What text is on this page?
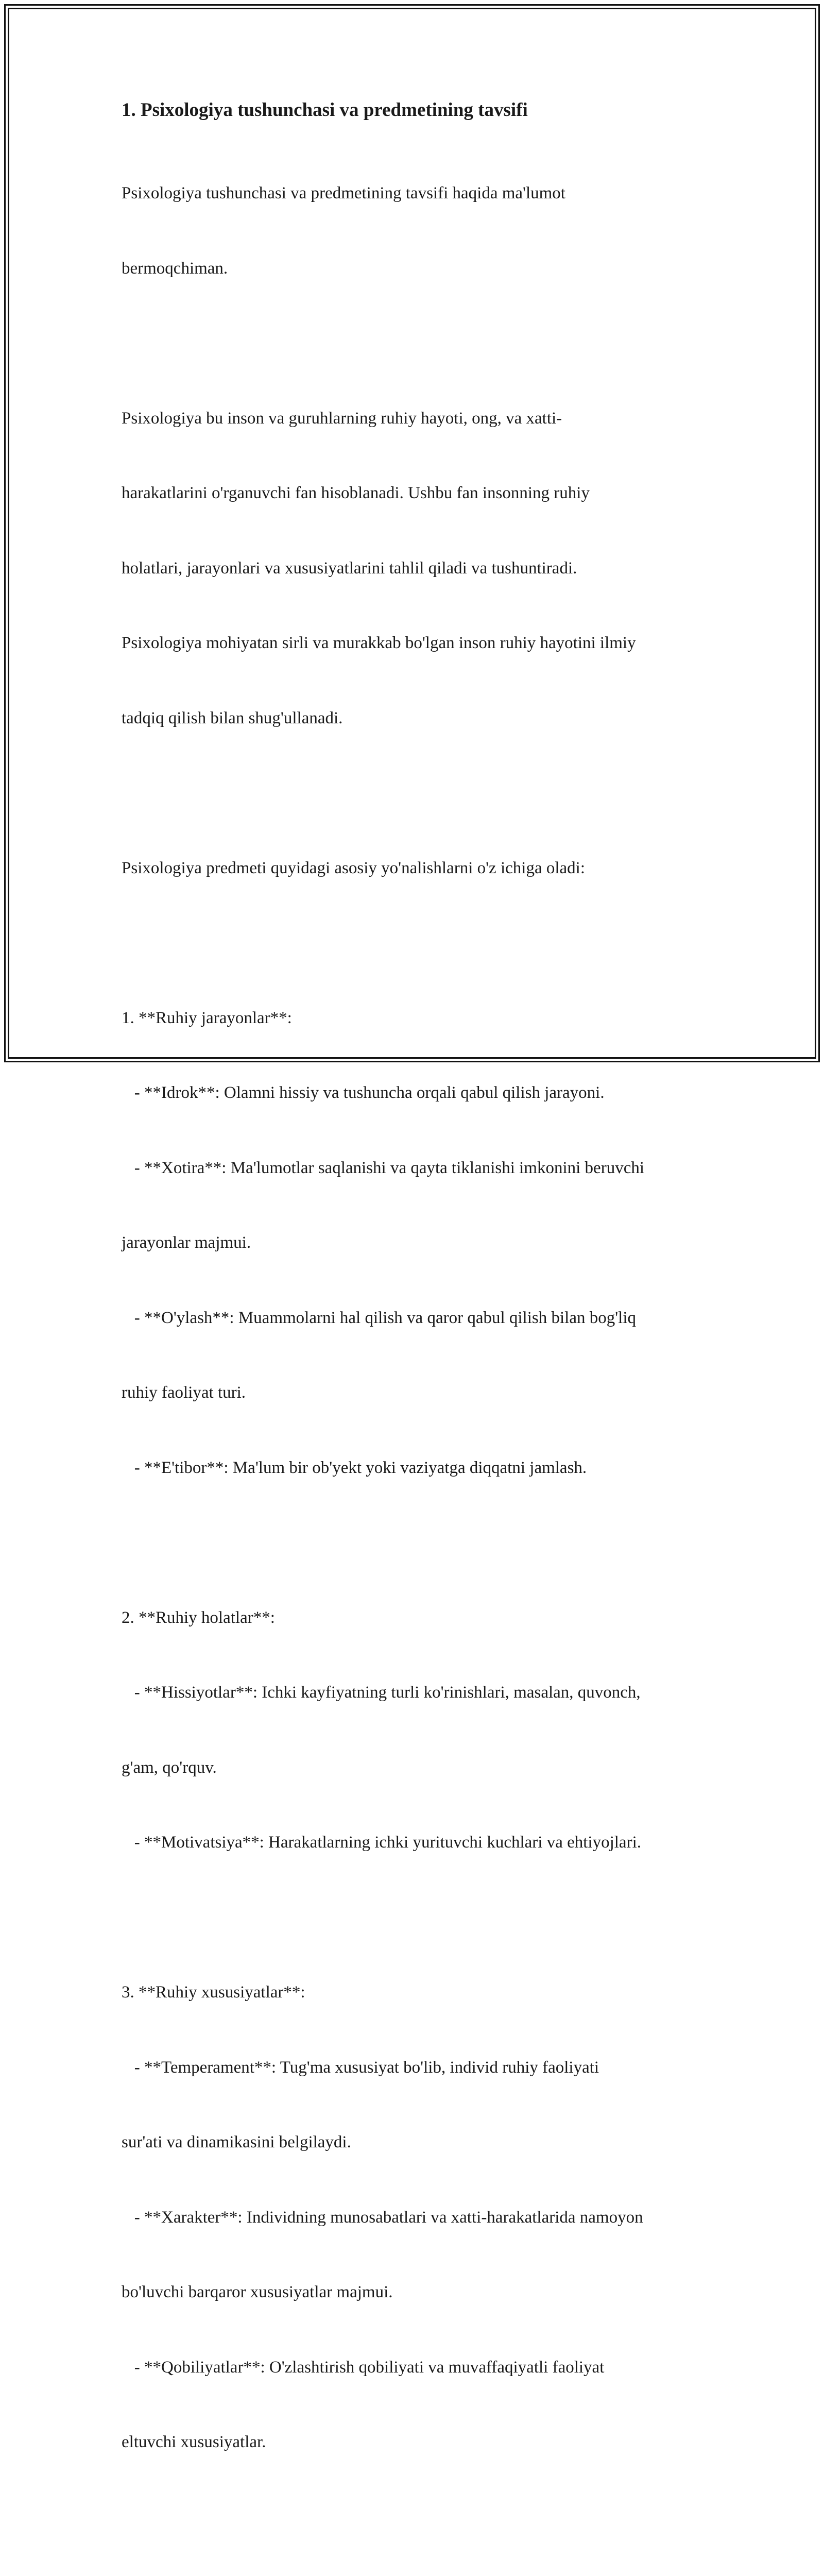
1. Psixologiya tushunchasi va predmetining tavsifi

Psixologiya tushunchasi va predmetining tavsifi haqida ma'lumot

bermoqchiman.

Psixologiya bu inson va guruhlarning ruhiy hayoti, ong, va xatti-

harakatlarini o'rganuvchi fan hisoblanadi. Ushbu fan insonning ruhiy

holatlari, jarayonlari va xususiyatlarini tahlil qiladi va tushuntiradi.

Psixologiya mohiyatan sirli va murakkab bo'lgan inson ruhiy hayotini ilmiy

tadqiq qilish bilan shug'ullanadi.

Psixologiya predmeti quyidagi asosiy yo'nalishlarni o'z ichiga oladi:

1. **Ruhiy jarayonlar**:

- **Idrok**: Olamni hissiy va tushuncha orqali qabul qilish jarayoni.

- **Xotira**: Ma'lumotlar saqlanishi va qayta tiklanishi imkonini beruvchi

jarayonlar majmui.

- **O'ylash**: Muammolarni hal qilish va qaror qabul qilish bilan bog'liq

ruhiy faoliyat turi.

- **E'tibor**: Ma'lum bir ob'yekt yoki vaziyatga diqqatni jamlash.

2. **Ruhiy holatlar**:

- **Hissiyotlar**: Ichki kayfiyatning turli ko'rinishlari, masalan, quvonch,

g'am, qo'rquv.

- **Motivatsiya**: Harakatlarning ichki yurituvchi kuchlari va ehtiyojlari.

3. **Ruhiy xususiyatlar**:

- **Temperament**: Tug'ma xususiyat bo'lib, individ ruhiy faoliyati

sur'ati va dinamikasini belgilaydi.

- **Xarakter**: Individning munosabatlari va xatti-harakatlarida namoyon

bo'luvchi barqaror xususiyatlar majmui.

- **Qobiliyatlar**: O'zlashtirish qobiliyati va muvaffaqiyatli faoliyat

eltuvchi xususiyatlar.
